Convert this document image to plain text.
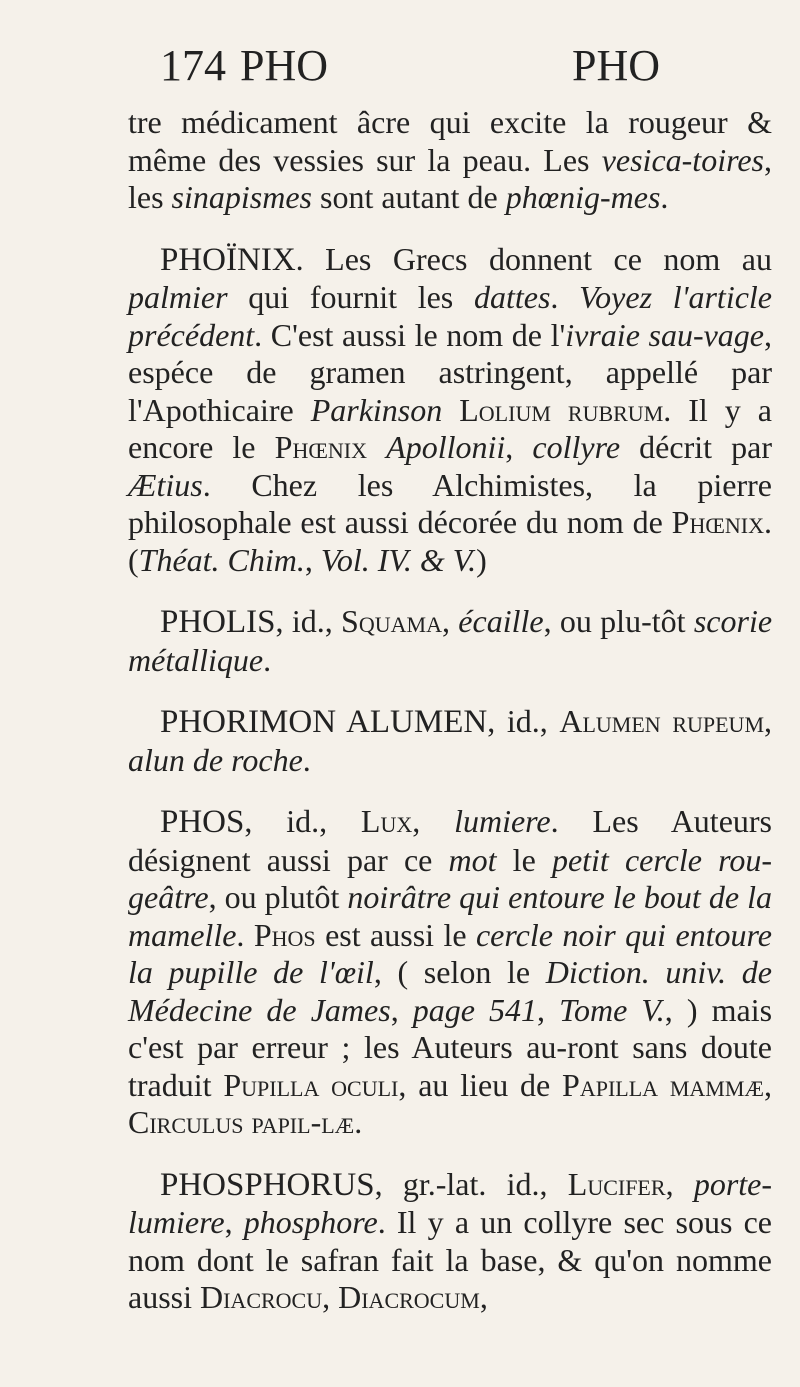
174 PHO	PHO

tre médicament âcre qui excite la rougeur & même des vessies sur la peau. Les vesica-toires, les sinapismes sont autant de phœnig-mes.

PHOÏNIX. Les Grecs donnent ce nom au palmier qui fournit les dattes. Voyez l'article précédent. C'est aussi le nom de l'ivraie sau-vage, espéce de gramen astringent, appellé par l'Apothicaire Parkinson Lolium rubrum. Il y a encore le Phœnix Apollonii, collyre décrit par Ætius. Chez les Alchimistes, la pierre philosophale est aussi décorée du nom de Phœnix. (Théat. Chim., Vol. IV. & V.)

PHOLIS, id., Squama, écaille, ou plu-tôt scorie métallique.

PHORIMON ALUMEN, id., Alumen rupeum, alun de roche.

PHOS, id., Lux, lumiere. Les Auteurs désignent aussi par ce mot le petit cercle rou-geâtre, ou plutôt noirâtre qui entoure le bout de la mamelle. Phos est aussi le cercle noir qui entoure la pupille de l'œil, ( selon le Diction. univ. de Médecine de James, page 541, Tome V., ) mais c'est par erreur ; les Auteurs au-ront sans doute traduit Pupilla oculi, au lieu de Papilla mammæ, Circulus papil-læ.

PHOSPHORUS, gr.-lat. id., Lucifer, porte-lumiere, phosphore. Il y a un collyre sec sous ce nom dont le safran fait la base, & qu'on nomme aussi Diacrocu, Diacrocum,
